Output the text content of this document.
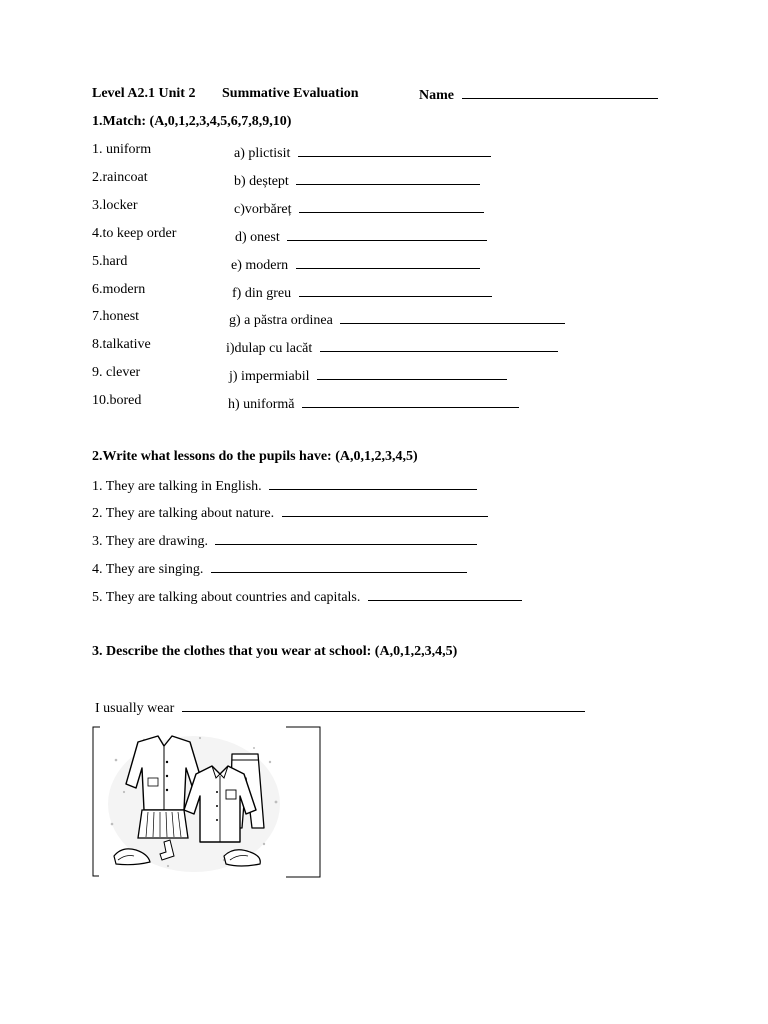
Level A2.1 Unit 2 Summative Evaluation	Name
1.Match: (A,0,1,2,3,4,5,6,7,8,9,10)
1. uniform
2.raincoat
3.locker
4.to keep order
5.hard
6.modern
7.honest
8.talkative
9. clever
10.bored
a) plictisit
b) deștept
c)vorbăreț
d) onest
e) modern
f) din greu
g) a păstra ordinea
i)dulap cu lacăt
j) impermiabil
h) uniformă
2.Write what lessons do the pupils have: (A,0,1,2,3,4,5)
1. They are talking in English.
2. They are talking about nature.
3. They are drawing.
4. They are singing.
5. They are talking about countries and capitals.
3. Describe the clothes that you wear at school: (A,0,1,2,3,4,5)
I usually wear
